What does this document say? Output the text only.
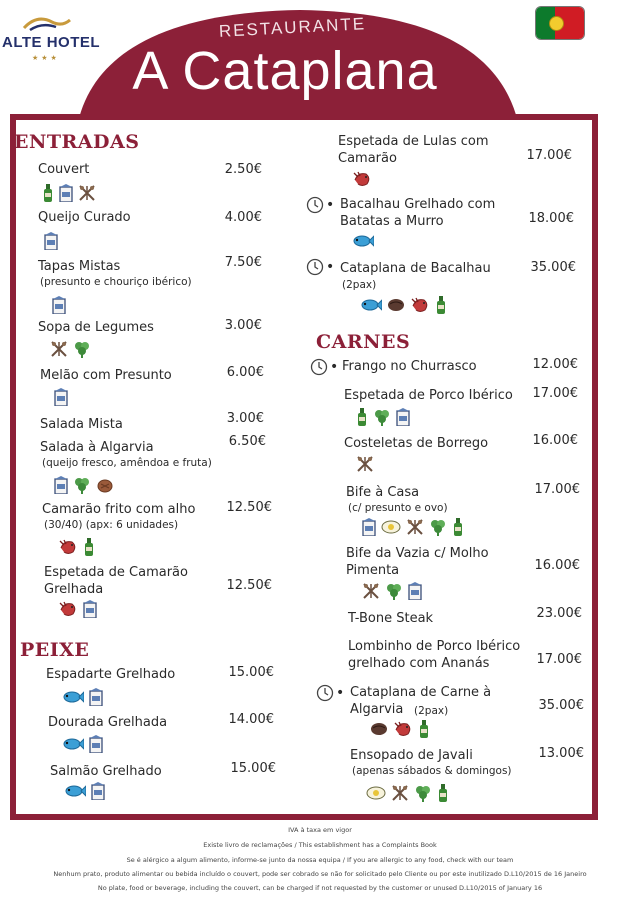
ALTE HOTEL
★★★
RESTAURANTE
A Cataplana
ENTRADAS
Couvert	2.50€
Queijo Curado	4.00€
Tapas Mistas
(presunto e chouriço ibérico)
7.50€
Sopa de Legumes	3.00€
Melão com Presunto	6.00€
Salada Mista	3.00€
Salada à Algarvia
(queijo fresco, amêndoa e fruta)
6.50€
Camarão frito com alho
(30/40) (apx: 6 unidades)
12.50€
Espetada de Camarão
Grelhada	12.50€
PEIXE
Espadarte Grelhado	15.00€
Dourada Grelhada	14.00€
Salmão Grelhado	15.00€
Espetada de Lulas com
Camarão	17.00€
• Bacalhau Grelhado com
Batatas a Murro	18.00€
• Cataplana de Bacalhau
(2pax)
35.00€
CARNES
• Frango no Churrasco	12.00€
Espetada de Porco Ibérico	17.00€
Costeletas de Borrego	16.00€
Bife à Casa
(c/ presunto e ovo)
17.00€
Bife da Vazia c/ Molho
Pimenta	16.00€
T-Bone Steak	23.00€
Lombinho de Porco Ibérico
grelhado com Ananás	17.00€
• Cataplana de Carne à
Algarvia (2pax)	35.00€
Ensopado de Javali
(apenas sábados & domingos)
13.00€
IVA à taxa em vigor
Existe livro de reclamações / This establishment has a Complaints Book
Se é alérgico a algum alimento, informe-se junto da nossa equipa / If you are allergic to any food, check with our team
Nenhum prato, produto alimentar ou bebida incluído o couvert, pode ser cobrado se não for solicitado pelo Cliente ou por este inutilizado D.L10/2015 de 16 Janeiro
No plate, food or beverage, including the couvert, can be charged if not requested by the customer or unused D.L10/2015 of January 16
